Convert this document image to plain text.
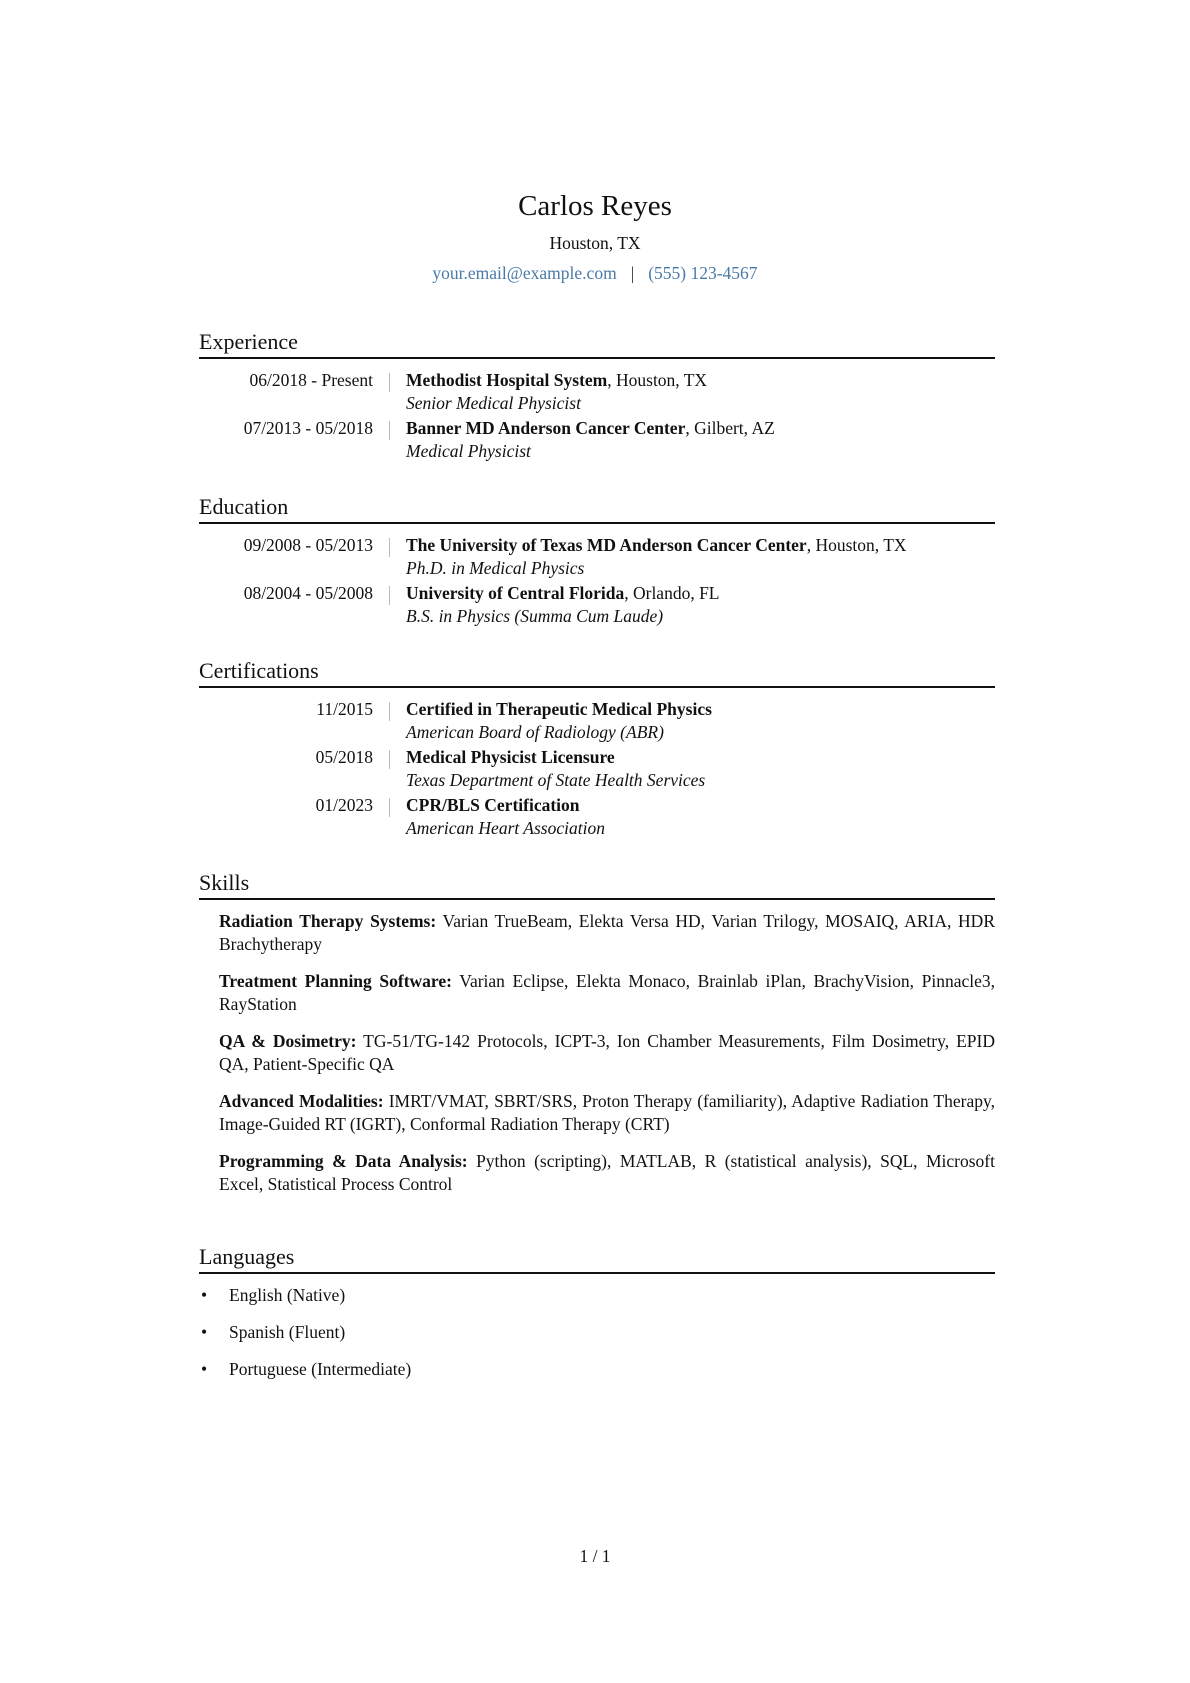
Carlos Reyes
Houston, TX
your.email@example.com | (555) 123-4567
Experience
06/2018 - Present Methodist Hospital System, Houston, TX
Senior Medical Physicist
07/2013 - 05/2018 Banner MD Anderson Cancer Center, Gilbert, AZ
Medical Physicist
Education
09/2008 - 05/2013 The University of Texas MD Anderson Cancer Center, Houston, TX
Ph.D. in Medical Physics
08/2004 - 05/2008 University of Central Florida, Orlando, FL
B.S. in Physics (Summa Cum Laude)
Certifications
11/2015 Certified in Therapeutic Medical Physics
American Board of Radiology (ABR)
05/2018 Medical Physicist Licensure
Texas Department of State Health Services
01/2023 CPR/BLS Certification
American Heart Association
Skills
Radiation Therapy Systems: Varian TrueBeam, Elekta Versa HD, Varian Trilogy, MOSAIQ, ARIA, HDR Brachytherapy
Treatment Planning Software: Varian Eclipse, Elekta Monaco, Brainlab iPlan, BrachyVision, Pinnacle3, RayStation
QA & Dosimetry: TG-51/TG-142 Protocols, ICPT-3, Ion Chamber Measurements, Film Dosimetry, EPID QA, Patient-Specific QA
Advanced Modalities: IMRT/VMAT, SBRT/SRS, Proton Therapy (familiarity), Adaptive Radiation Therapy, Image-Guided RT (IGRT), Conformal Radiation Therapy (CRT)
Programming & Data Analysis: Python (scripting), MATLAB, R (statistical analysis), SQL, Microsoft Excel, Statistical Process Control
Languages
• English (Native)
• Spanish (Fluent)
• Portuguese (Intermediate)
1 / 1
